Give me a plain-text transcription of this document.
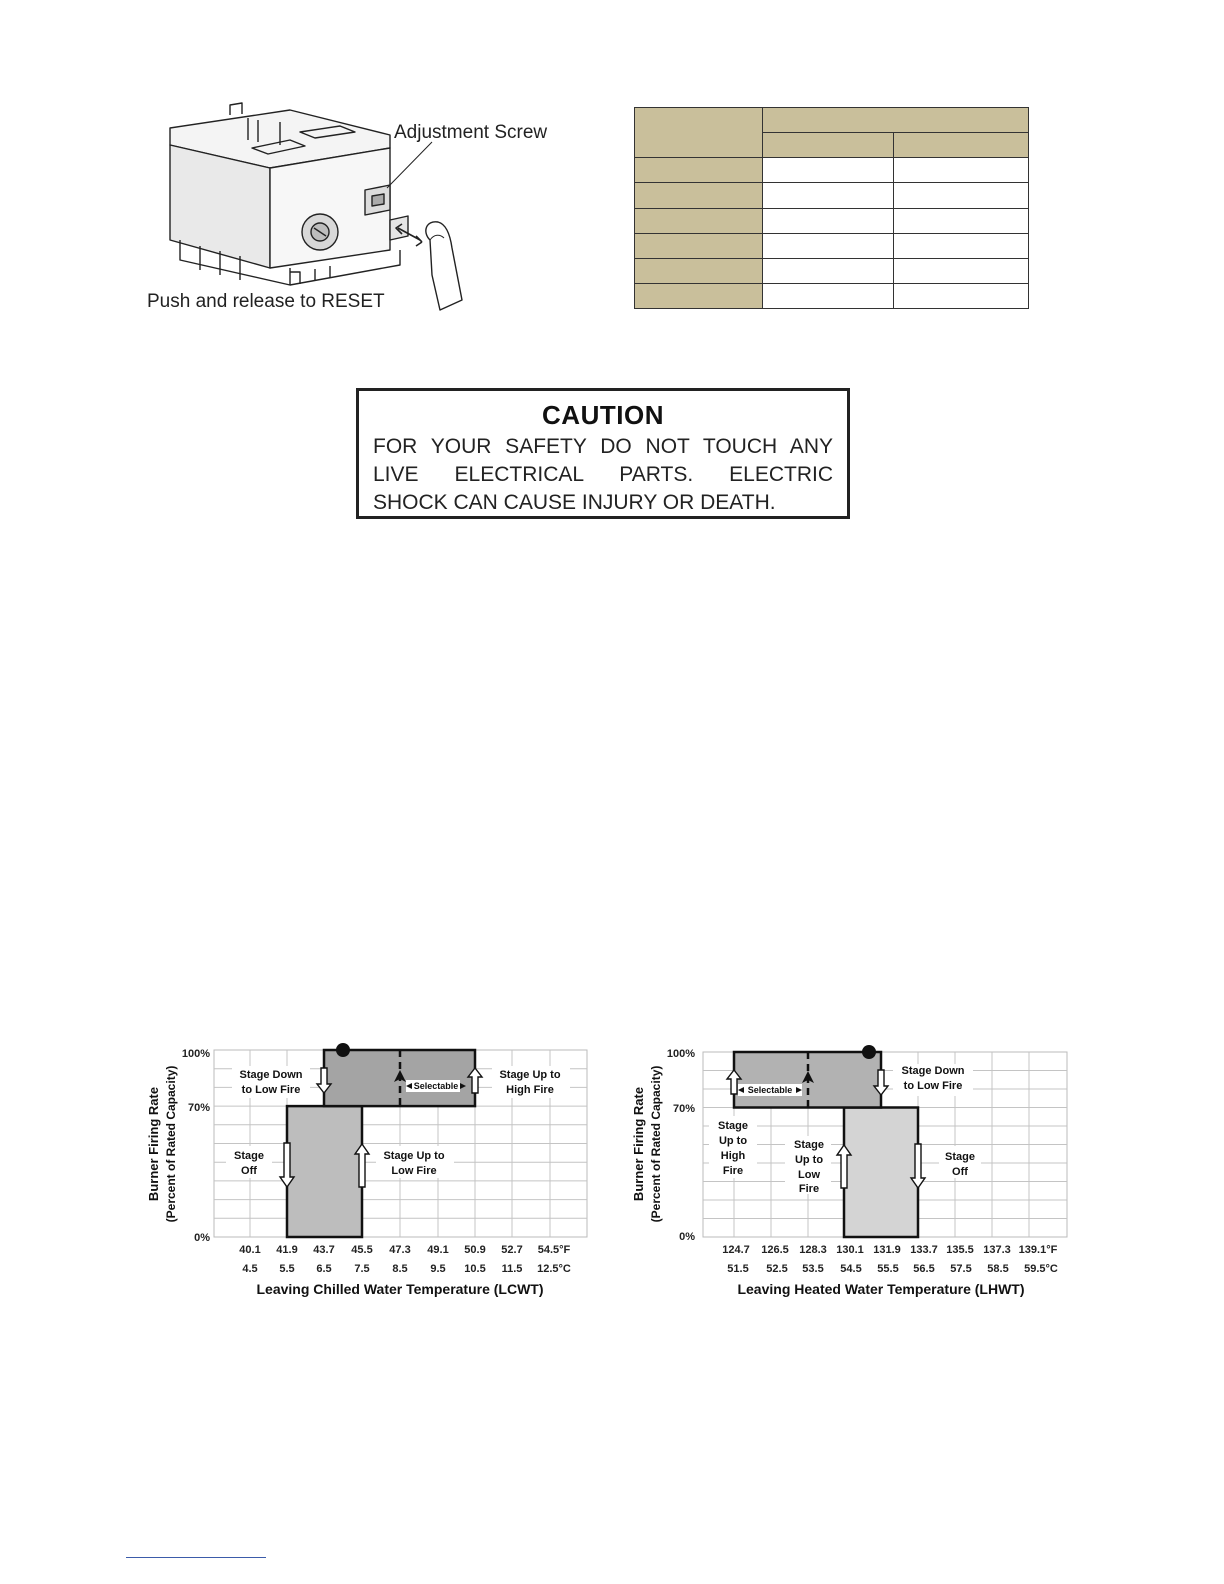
Adjustment Screw
Push and release to RESET

CAUTION
FOR YOUR SAFETY DO NOT TOUCH ANY
LIVE ELECTRICAL PARTS. ELECTRIC
SHOCK CAN CAUSE INJURY OR DEATH.
Stage Down
to Low Fire
Stage Up to
High Fire
Stage
Off
Stage Up to
Low Fire
Selectable
100%
70%
0%
Burner Firing Rate (Percent of Rated Capacity)
40.1 41.9 43.7 45.5 47.3 49.1 50.9 52.7 54.5°F
4.5 5.5 6.5 7.5 8.5 9.5 10.5 11.5 12.5°C
Leaving Chilled Water Temperature (LCWT)
Stage Down
to Low Fire
Stage
Up to
High
Fire
Stage
Up to
Low
Fire
Stage
Off
Selectable
100%
70%
0%
Burner Firing Rate (Percent of Rated Capacity)
124.7 126.5 128.3 130.1 131.9 133.7 135.5 137.3 139.1°F
51.5 52.5 53.5 54.5 55.5 56.5 57.5 58.5 59.5°C
Leaving Heated Water Temperature (LHWT)
